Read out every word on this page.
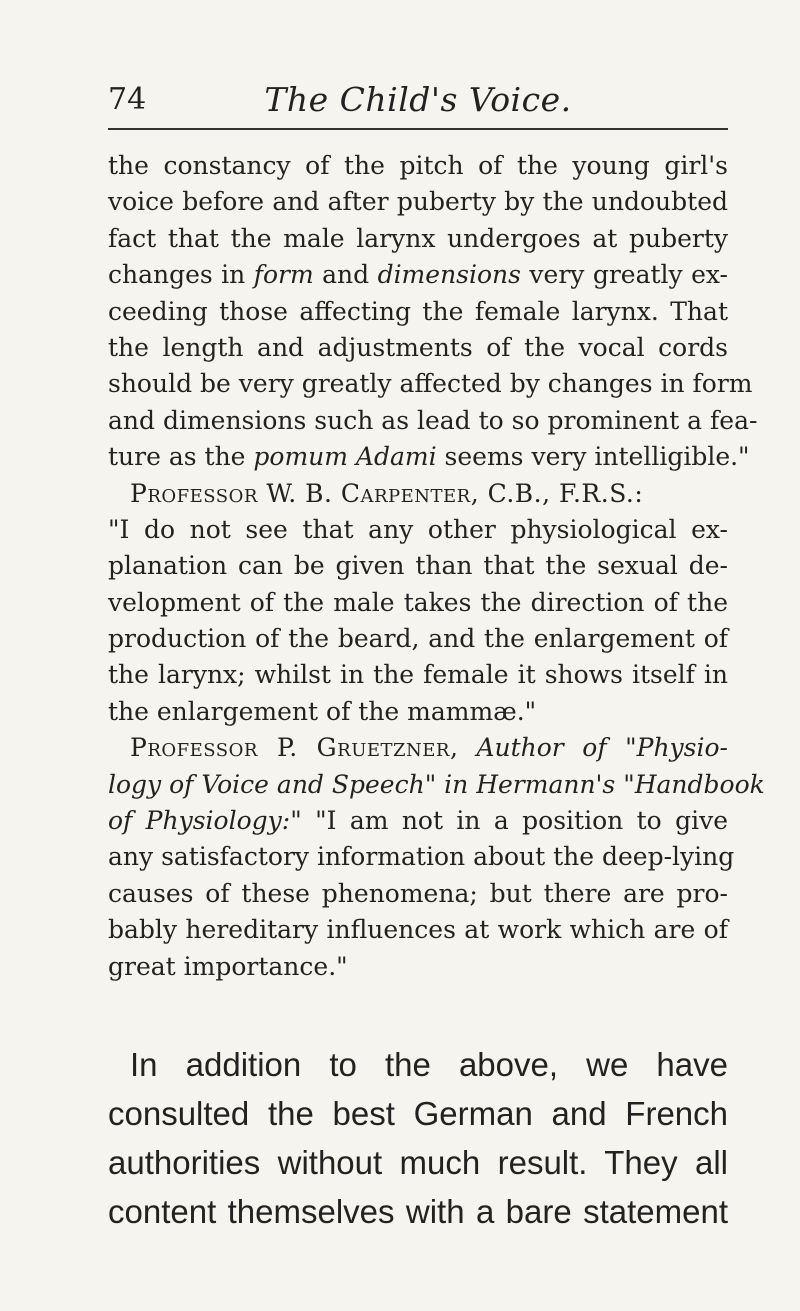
74	The Child's Voice.
the constancy of the pitch of the young girl's
voice before and after puberty by the undoubted
fact that the male larynx undergoes at puberty
changes in form and dimensions very greatly ex-
ceeding those affecting the female larynx. That
the length and adjustments of the vocal cords
should be very greatly affected by changes in form
and dimensions such as lead to so prominent a fea-
ture as the pomum Adami seems very intelligible."
Professor W. B. Carpenter, C.B., F.R.S.:
"I do not see that any other physiological ex-
planation can be given than that the sexual de-
velopment of the male takes the direction of the
production of the beard, and the enlargement of
the larynx; whilst in the female it shows itself in
the enlargement of the mammæ."
Professor P. Gruetzner, Author of "Physio-
logy of Voice and Speech" in Hermann's "Handbook
of Physiology:" "I am not in a position to give
any satisfactory information about the deep-lying
causes of these phenomena; but there are pro-
bably hereditary influences at work which are of
great importance."
In addition to the above, we have
consulted the best German and French
authorities without much result. They all
content themselves with a bare statement
